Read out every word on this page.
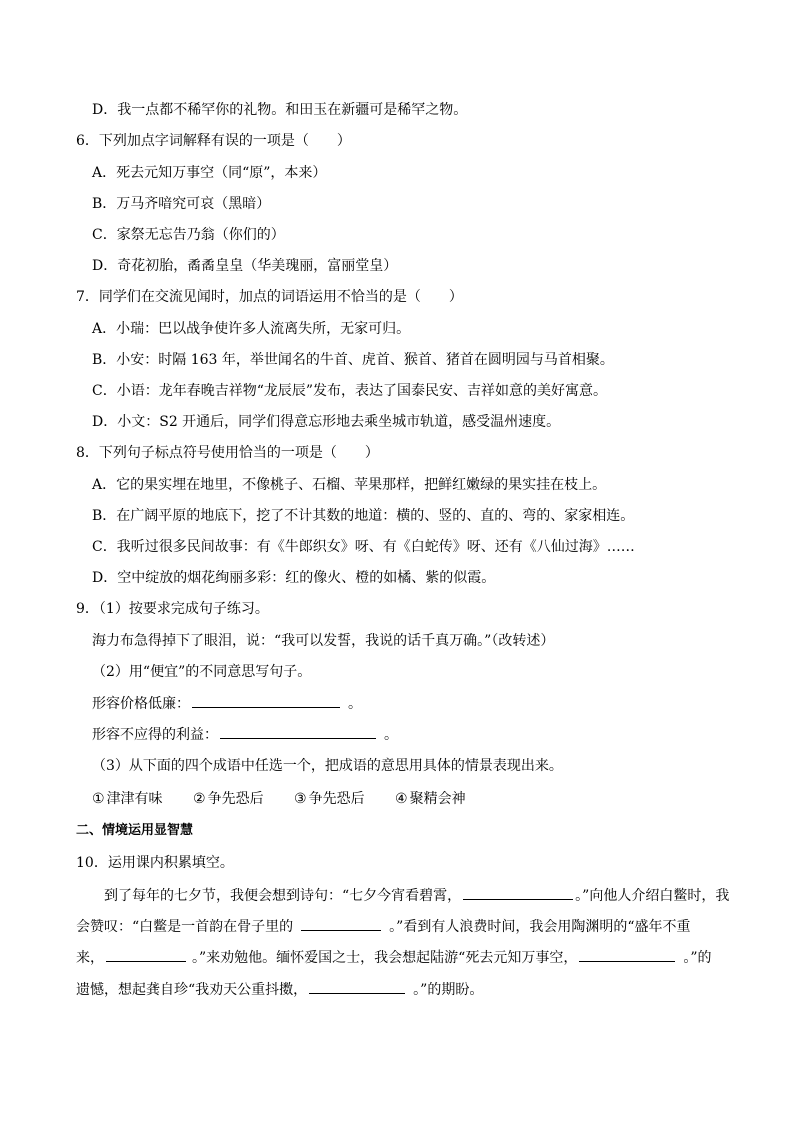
D．我一点都不稀罕你的礼物。和田玉在新疆可是稀罕之物。
6．下列加点字词解释有误的一项是（　　）
A．死去元知万事空（同“原”，本来）
B．万马齐喑究可哀（黑暗）
C．家祭无忘告乃翁（你们的）
D．奇花初胎，矞矞皇皇（华美瑰丽，富丽堂皇）
7．同学们在交流见闻时，加点的词语运用不恰当的是（　　）
A．小瑞：巴以战争使许多人流离失所，无家可归。
B．小安：时隔 163 年，举世闻名的牛首、虎首、猴首、猪首在圆明园与马首相聚。
C．小语：龙年春晚吉祥物“龙辰辰”发布，表达了国泰民安、吉祥如意的美好寓意。
D．小文：S2 开通后，同学们得意忘形地去乘坐城市轨道，感受温州速度。
8．下列句子标点符号使用恰当的一项是（　　）
A．它的果实埋在地里，不像桃子、石榴、苹果那样，把鲜红嫩绿的果实挂在枝上。
B．在广阔平原的地底下，挖了不计其数的地道：横的、竖的、直的、弯的、家家相连。
C．我听过很多民间故事：有《牛郎织女》呀、有《白蛇传》呀、还有《八仙过海》……
D．空中绽放的烟花绚丽多彩：红的像火、橙的如橘、紫的似霞。
9．（1）按要求完成句子练习。
海力布急得掉下了眼泪，说：“我可以发誓，我说的话千真万确。”（改转述）
（2）用“便宜”的不同意思写句子。
形容价格低廉：	。
形容不应得的利益：	。
（3）从下面的四个成语中任选一个，把成语的意思用具体的情景表现出来。
① 津津有味 ② 争先恐后 ③ 争先恐后 ④ 聚精会神
二、情境运用显智慧
10．运用课内积累填空。
到了每年的七夕节，我便会想到诗句：“七夕今宵看碧霄，	。”向他人介绍白鳖时，我
会赞叹：“白鳖是一首韵在骨子里的	。”看到有人浪费时间，我会用陶渊明的“盛年不重
来，	。”来劝勉他。缅怀爱国之士，我会想起陆游“死去元知万事空，	。”的
遗憾，想起龚自珍“我劝天公重抖擞，	。”的期盼。
